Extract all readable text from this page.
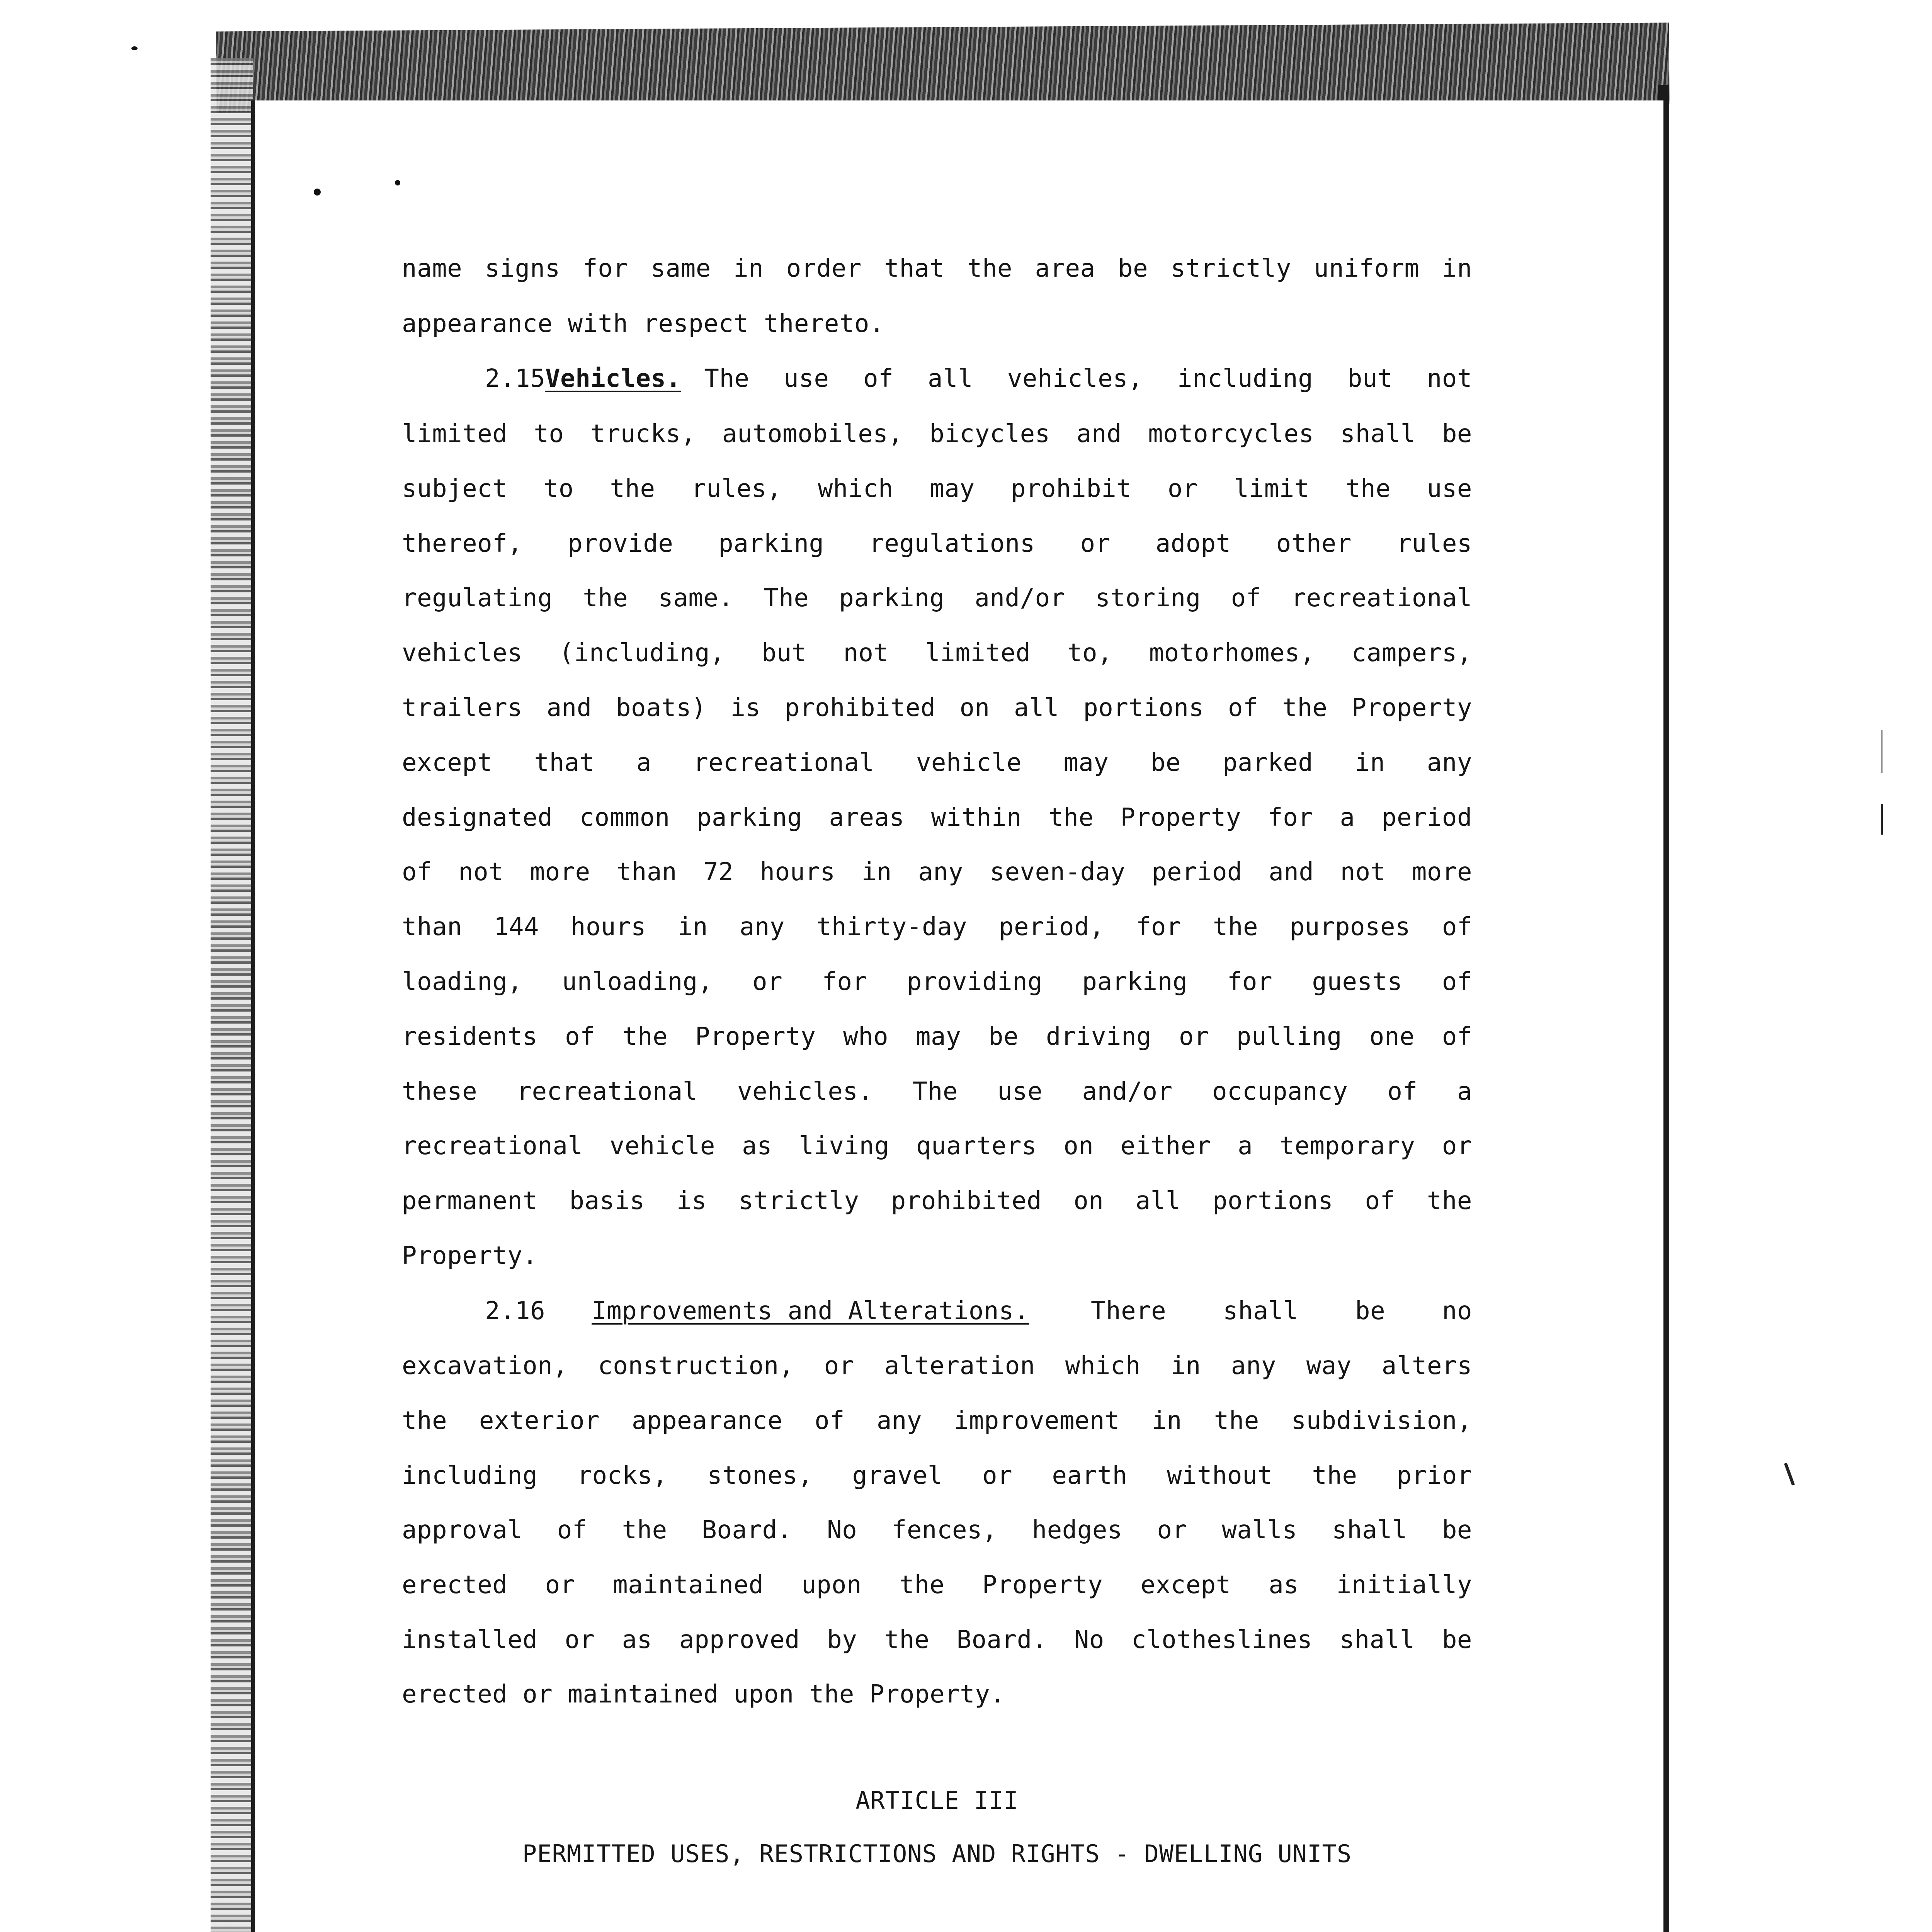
name signs for same in order that the area be strictly uniform in
appearance with respect thereto.
2.15 Vehicles. The use of all vehicles, including but not
limited to trucks, automobiles, bicycles and motorcycles shall be
subject to the rules, which may prohibit or limit the use
thereof, provide parking regulations or adopt other rules
regulating the same. The parking and/or storing of recreational
vehicles (including, but not limited to, motorhomes, campers,
trailers and boats) is prohibited on all portions of the Property
except that a recreational vehicle may be parked in any
designated common parking areas within the Property for a period
of not more than 72 hours in any seven-day period and not more
than 144 hours in any thirty-day period, for the purposes of
loading, unloading, or for providing parking for guests of
residents of the Property who may be driving or pulling one of
these recreational vehicles. The use and/or occupancy of a
recreational vehicle as living quarters on either a temporary or
permanent basis is strictly prohibited on all portions of the
Property.
2.16 Improvements and Alterations.	There shall be no
excavation, construction, or alteration which in any way alters
the exterior appearance of any improvement in the subdivision,
including rocks, stones, gravel or earth without the prior
approval of the Board. No fences, hedges or walls shall be
erected or maintained upon the Property except as initially
installed or as approved by the Board. No clotheslines shall be
erected or maintained upon the Property.
ARTICLE III
PERMITTED USES, RESTRICTIONS AND RIGHTS - DWELLING UNITS
